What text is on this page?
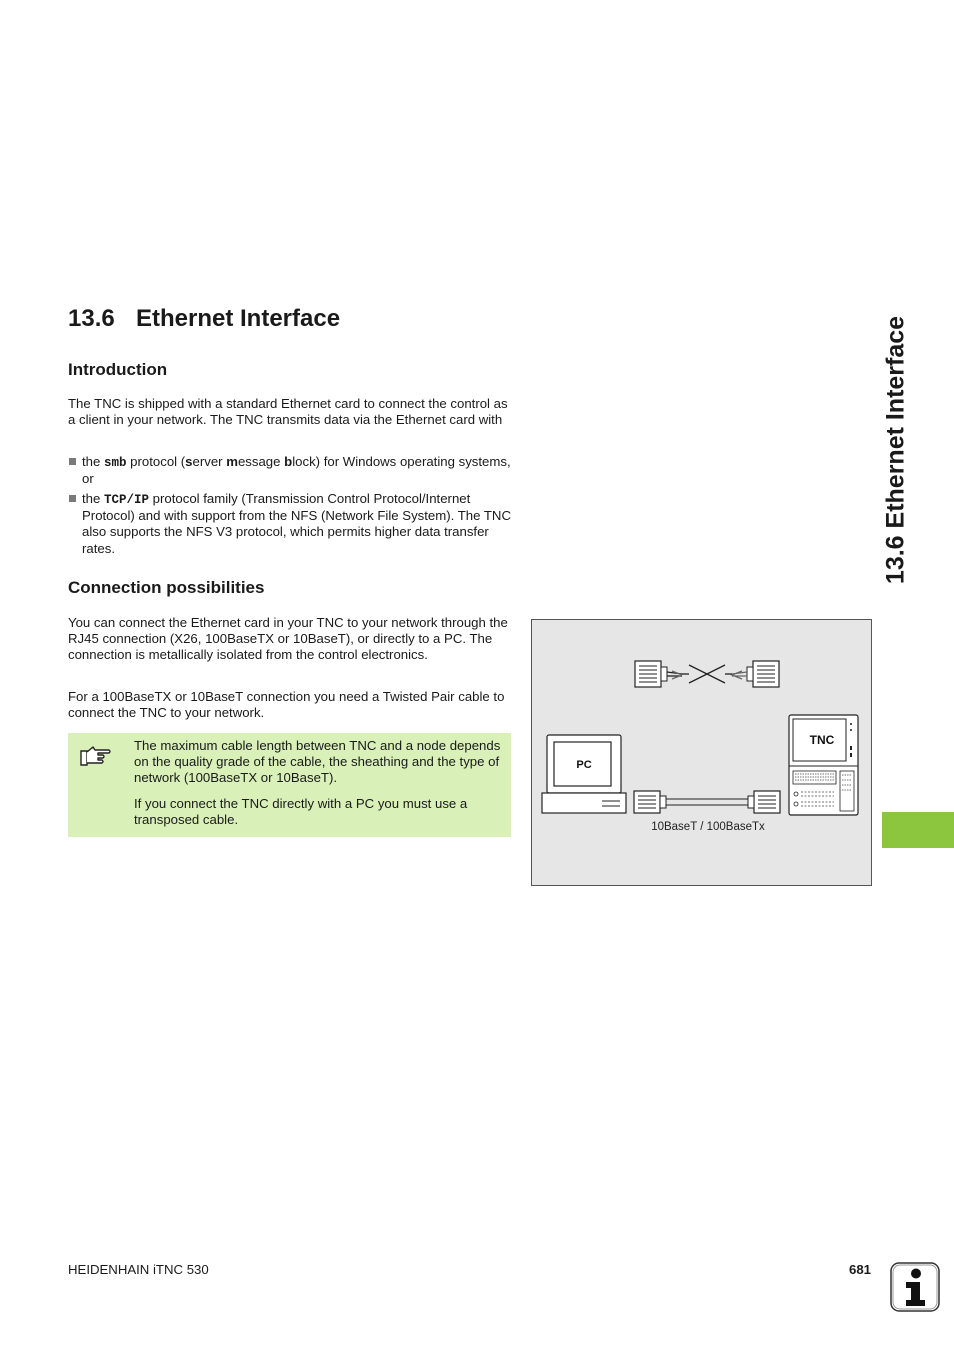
13.6 Ethernet Interface
Introduction

The TNC is shipped with a standard Ethernet card to connect the control as a client in your network. The TNC transmits data via the Ethernet card with

the smb protocol (server message block) for Windows operating systems, or

the TCP/IP protocol family (Transmission Control Protocol/Internet Protocol) and with support from the NFS (Network File System). The TNC also supports the NFS V3 protocol, which permits higher data transfer rates.

Connection possibilities

You can connect the Ethernet card in your TNC to your network through the RJ45 connection (X26, 100BaseTX or 10BaseT), or directly to a PC. The connection is metallically isolated from the control electronics.

For a 100BaseTX or 10BaseT connection you need a Twisted Pair cable to connect the TNC to your network.

The maximum cable length between TNC and a node depends on the quality grade of the cable, the sheathing and the type of network (100BaseTX or 10BaseT).

If you connect the TNC directly with a PC you must use a transposed cable.

13.6 Ethernet Interface
PC
TNC
10BaseT / 100BaseTx
HEIDENHAIN iTNC 530	681
